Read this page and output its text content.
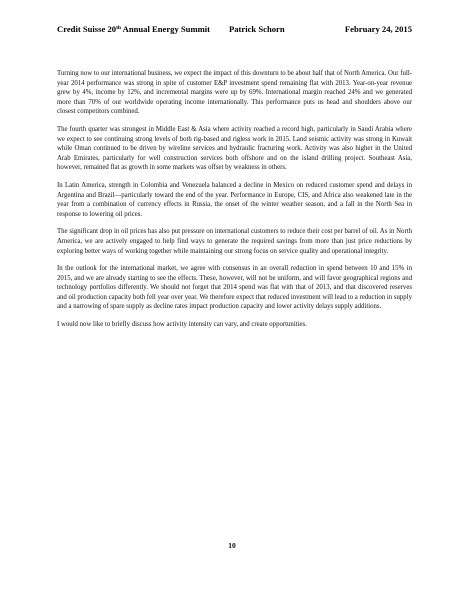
Credit Suisse 20th Annual Energy Summit Patrick Schorn	February 24, 2015

Turning now to our international business, we expect the impact of this downturn to be about half that of North America. Our full-year 2014 performance was strong in spite of customer E&P investment spend remaining flat with 2013. Year-on-year revenue grew by 4%, income by 12%, and incremental margins were up by 69%. International margin reached 24% and we generated more than 70% of our worldwide operating income internationally. This performance puts us head and shoulders above our closest competitors combined.

The fourth quarter was strongest in Middle East & Asia where activity reached a record high, particularly in Saudi Arabia where we expect to see continuing strong levels of both rig-based and rigless work in 2015. Land seismic activity was strong in Kuwait while Oman continued to be driven by wireline services and hydraulic fracturing work. Activity was also higher in the United Arab Emirates, particularly for well construction services both offshore and on the island drilling project. Southeast Asia, however, remained flat as growth in some markets was offset by weakness in others.

In Latin America, strength in Colombia and Venezuela balanced a decline in Mexico on reduced customer spend and delays in Argentina and Brazil—particularly toward the end of the year. Performance in Europe, CIS, and Africa also weakened late in the year from a combination of currency effects in Russia, the onset of the winter weather season, and a fall in the North Sea in response to lowering oil prices.

The significant drop in oil prices has also put pressure on international customers to reduce their cost per barrel of oil. As in North America, we are actively engaged to help find ways to generate the required savings from more than just price reductions by exploring better ways of working together while maintaining our strong focus on service quality and operational integrity.

In the outlook for the international market, we agree with consensus in an overall reduction in spend between 10 and 15% in 2015, and we are already starting to see the effects. These, however, will not be uniform, and will favor geographical regions and technology portfolios differently. We should not forget that 2014 spend was flat with that of 2013, and that discovered reserves and oil production capacity both fell year over year. We therefore expect that reduced investment will lead to a reduction in supply and a narrowing of spare supply as decline rates impact production capacity and lower activity delays supply additions.

I would now like to briefly discuss how activity intensity can vary, and create opportunities.

10
